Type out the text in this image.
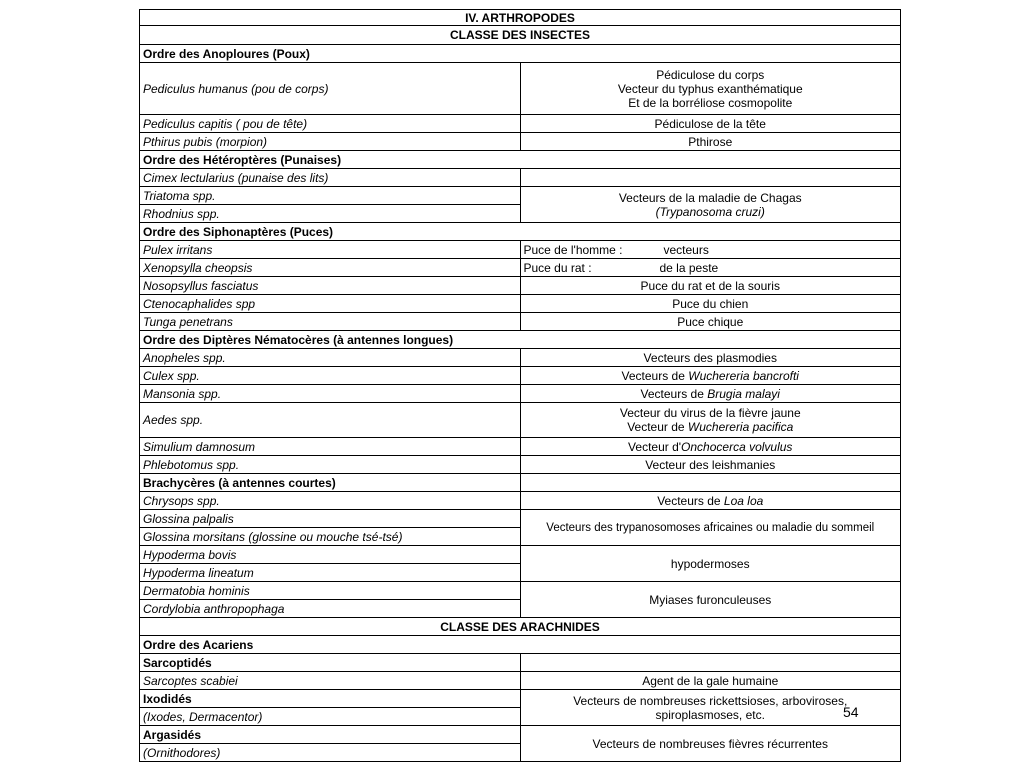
IV. ARTHROPODES	
CLASSE DES INSECTES	
Ordre des Anoploures (Poux)	
Pediculus humanus (pou de corps)	Pédiculose du corps
Vecteur du typhus exanthématique
Et de la borréliose cosmopolite

Pediculus capitis ( pou de tête)	Pédiculose de la tête
Pthirus pubis (morpion)	Pthirose
Ordre des Hétéroptères (Punaises)	
Cimex lectularius (punaise des lits)	
Triatoma spp.	Vecteurs de la maladie de Chagas
(Trypanosoma cruzi)

Rhodnius spp.	
Ordre des Siphonaptères (Puces)	
Pulex irritans	Puce de l'homme : vecteurs
Xenopsylla cheopsis	Puce du rat : de la peste
Nosopsyllus fasciatus	Puce du rat et de la souris
Ctenocaphalides spp	Puce du chien
Tunga penetrans	Puce chique
Ordre des Diptères Nématocères (à antennes longues)	
Anopheles spp.	Vecteurs des plasmodies
Culex spp.	Vecteurs de Wuchereria bancrofti
Mansonia spp.	Vecteurs de Brugia malayi
Aedes spp.	Vecteur du virus de la fièvre jaune
Vecteur de Wuchereria pacifica

Simulium damnosum	Vecteur d'Onchocerca volvulus
Phlebotomus spp.	Vecteur des leishmanies
Brachycères (à antennes courtes)	
Chrysops spp.	Vecteurs de Loa loa
Glossina palpalis	Vecteurs des trypanosomoses africaines ou maladie du sommeil
Glossina morsitans (glossine ou mouche tsé-tsé)	
Hypoderma bovis	hypodermoses
Hypoderma lineatum	
Dermatobia hominis	Myiases furonculeuses
Cordylobia anthropophaga	
CLASSE DES ARACHNIDES	
Ordre des Acariens	
Sarcoptidés	
Sarcoptes scabiei	Agent de la gale humaine
Ixodidés	Vecteurs de nombreuses rickettsioses, arboviroses,
spiroplasmoses, etc.

(Ixodes, Dermacentor)	
Argasidés	Vecteurs de nombreuses fièvres récurrentes
(Ornithodores)	
54
